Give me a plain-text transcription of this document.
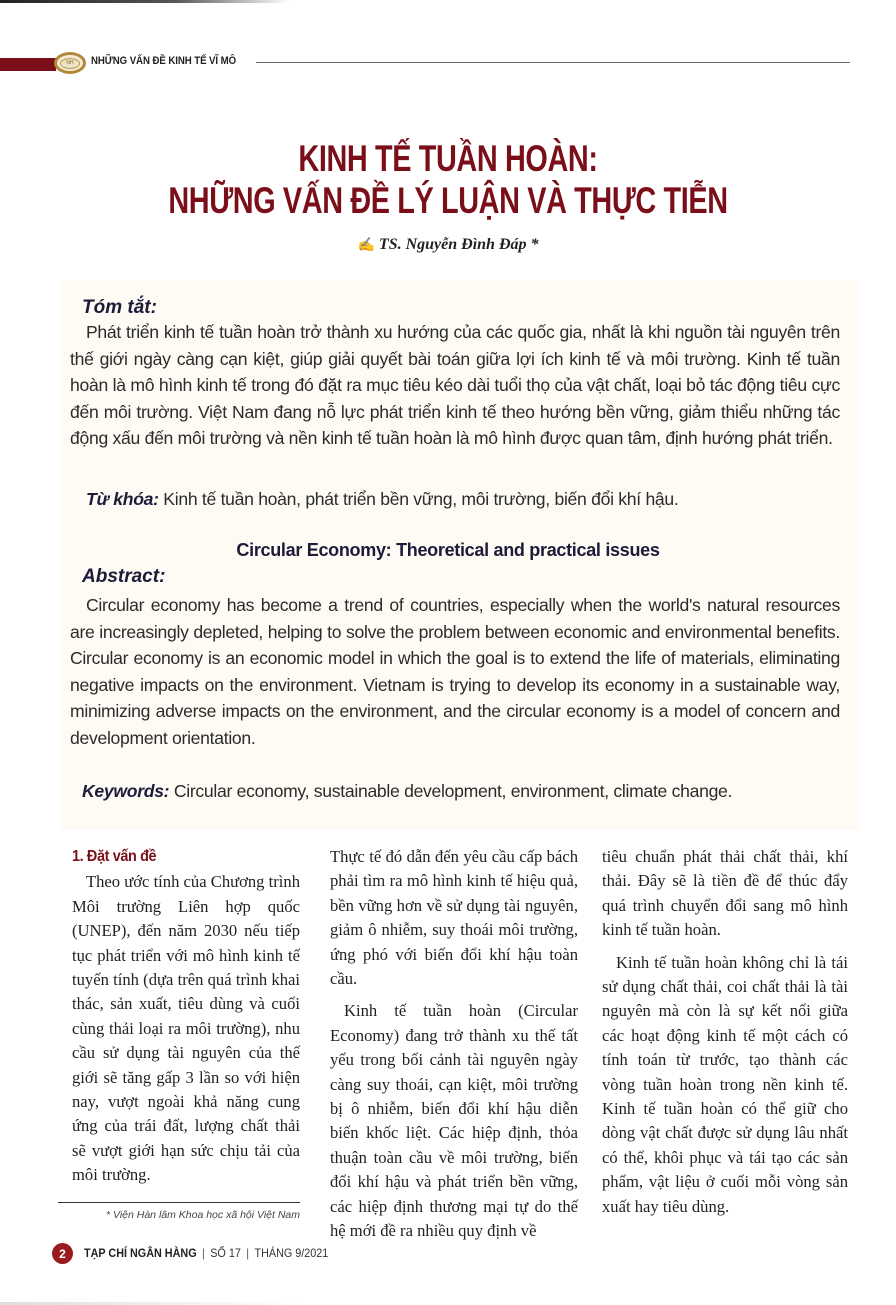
NH	NHỮNG VẤN ĐỀ KINH TẾ VĨ MÔ
KINH TẾ TUẦN HOÀN:
NHỮNG VẤN ĐỀ LÝ LUẬN VÀ THỰC TIỄN
✍ TS. Nguyễn Đình Đáp *
Tóm tắt:
Phát triển kinh tế tuần hoàn trở thành xu hướng của các quốc gia, nhất là khi nguồn tài nguyên trên thế giới ngày càng cạn kiệt, giúp giải quyết bài toán giữa lợi ích kinh tế và môi trường. Kinh tế tuần hoàn là mô hình kinh tế trong đó đặt ra mục tiêu kéo dài tuổi thọ của vật chất, loại bỏ tác động tiêu cực đến môi trường. Việt Nam đang nỗ lực phát triển kinh tế theo hướng bền vững, giảm thiểu những tác động xấu đến môi trường và nền kinh tế tuần hoàn là mô hình được quan tâm, định hướng phát triển.
Từ khóa: Kinh tế tuần hoàn, phát triển bền vững, môi trường, biến đổi khí hậu.
Circular Economy: Theoretical and practical issues
Abstract:
Circular economy has become a trend of countries, especially when the world's natural resources are increasingly depleted, helping to solve the problem between economic and environmental benefits. Circular economy is an economic model in which the goal is to extend the life of materials, eliminating negative impacts on the environment. Vietnam is trying to develop its economy in a sustainable way, minimizing adverse impacts on the environment, and the circular economy is a model of concern and development orientation.
Keywords: Circular economy, sustainable development, environment, climate change.
1. Đặt vấn đề

Theo ước tính của Chương trình Môi trường Liên hợp quốc (UNEP), đến năm 2030 nếu tiếp tục phát triển với mô hình kinh tế tuyến tính (dựa trên quá trình khai thác, sản xuất, tiêu dùng và cuối cùng thải loại ra môi trường), nhu cầu sử dụng tài nguyên của thế giới sẽ tăng gấp 3 lần so với hiện nay, vượt ngoài khả năng cung ứng của trái đất, lượng chất thải sẽ vượt giới hạn sức chịu tải của môi trường.

Thực tế đó dẫn đến yêu cầu cấp bách phải tìm ra mô hình kinh tế hiệu quả, bền vững hơn về sử dụng tài nguyên, giảm ô nhiễm, suy thoái môi trường, ứng phó với biến đổi khí hậu toàn cầu.

Kinh tế tuần hoàn (Circular Economy) đang trở thành xu thế tất yếu trong bối cảnh tài nguyên ngày càng suy thoái, cạn kiệt, môi trường bị ô nhiễm, biến đổi khí hậu diễn biến khốc liệt. Các hiệp định, thỏa thuận toàn cầu về môi trường, biến đổi khí hậu và phát triển bền vững, các hiệp định thương mại tự do thế hệ mới đề ra nhiều quy định về

tiêu chuẩn phát thải chất thải, khí thải. Đây sẽ là tiền đề để thúc đẩy quá trình chuyển đổi sang mô hình kinh tế tuần hoàn.

Kinh tế tuần hoàn không chỉ là tái sử dụng chất thải, coi chất thải là tài nguyên mà còn là sự kết nối giữa các hoạt động kinh tế một cách có tính toán từ trước, tạo thành các vòng tuần hoàn trong nền kinh tế. Kinh tế tuần hoàn có thể giữ cho dòng vật chất được sử dụng lâu nhất có thể, khôi phục và tái tạo các sản phẩm, vật liệu ở cuối mỗi vòng sản xuất hay tiêu dùng.

* Viện Hàn lâm Khoa học xã hội Việt Nam
2	TẠP CHÍ NGÂN HÀNG | SỐ 17 | THÁNG 9/2021
